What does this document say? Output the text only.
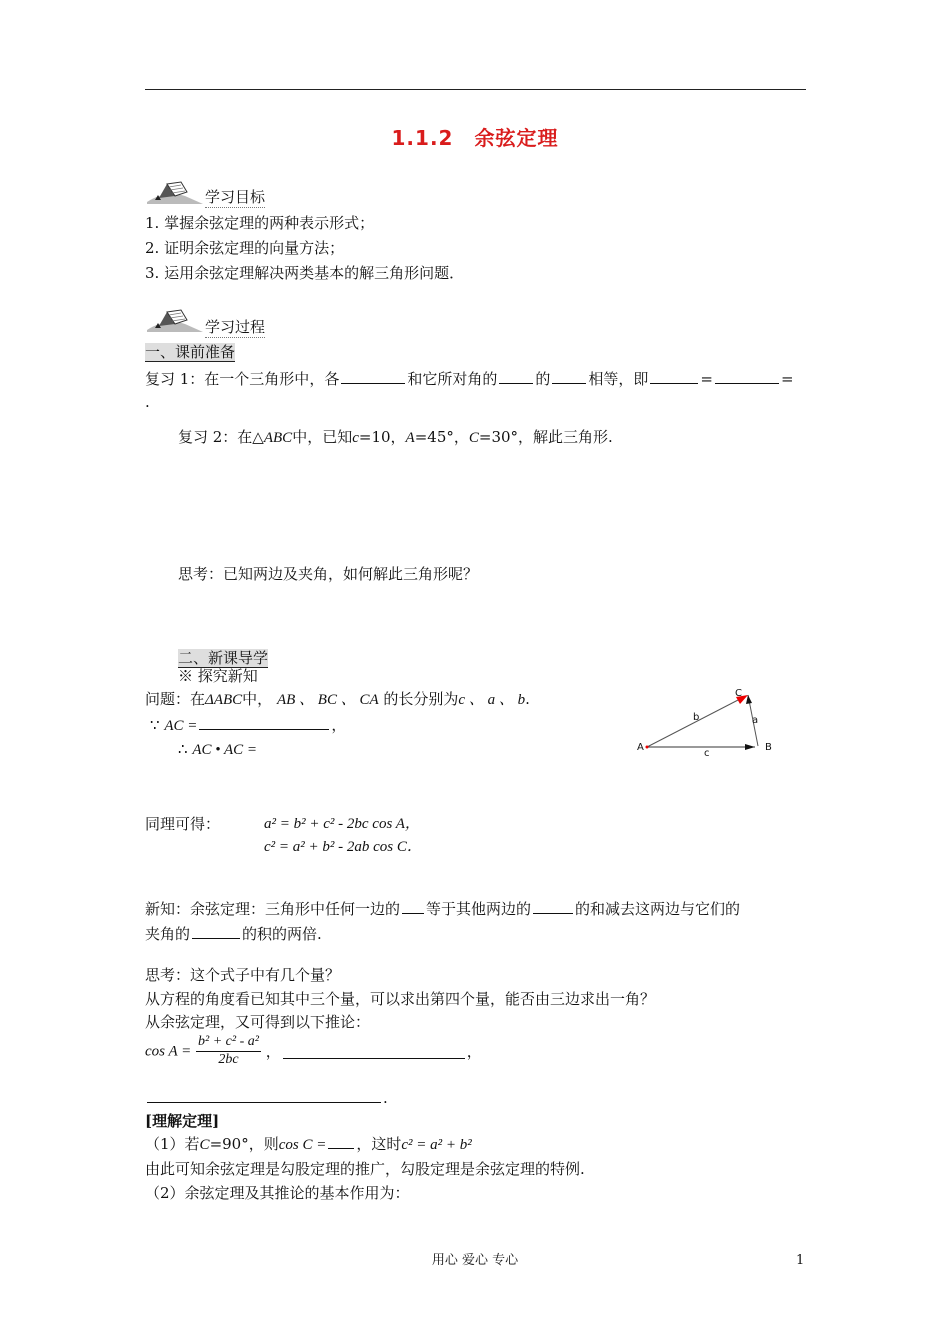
1.1.2　余弦定理
学习目标
1. 掌握余弦定理的两种表示形式；
2. 证明余弦定理的向量方法；
3. 运用余弦定理解决两类基本的解三角形问题．
学习过程
一、课前准备
复习 1：在一个三角形中，各	和它所对角的	的	相等，即	=	=
.
复习 2：在△ABC中，已知c=10，A=45°，C=30°，解此三角形.
思考：已知两边及夹角，如何解此三角形呢？
二、新课导学
※ 探究新知
问题：在ΔABC中， AB 、 BC 、 CA 的长分别为c 、 a 、 b.
∵ AC =	，
∴ AC • AC =
C
b	a
A	B
c
同理可得：	a² = b² + c² - 2bc cos A，
c² = a² + b² - 2ab cos C．
新知：余弦定理：三角形中任何一边的 等于其他两边的	的和减去这两边与它们的
夹角的	的积的两倍.
思考：这个式子中有几个量？
从方程的角度看已知其中三个量，可以求出第四个量，能否由三边求出一角？
从余弦定理，又可得到以下推论：
$\cos A = \frac{\text{b² + c² - a²}}{2bc}$ ，	，
.
[理解定理]
（1）若C=90°，则cos C = ，这时c² = a² + b²
由此可知余弦定理是勾股定理的推广，勾股定理是余弦定理的特例.
（2）余弦定理及其推论的基本作用为：
用心 爱心 专心	1
